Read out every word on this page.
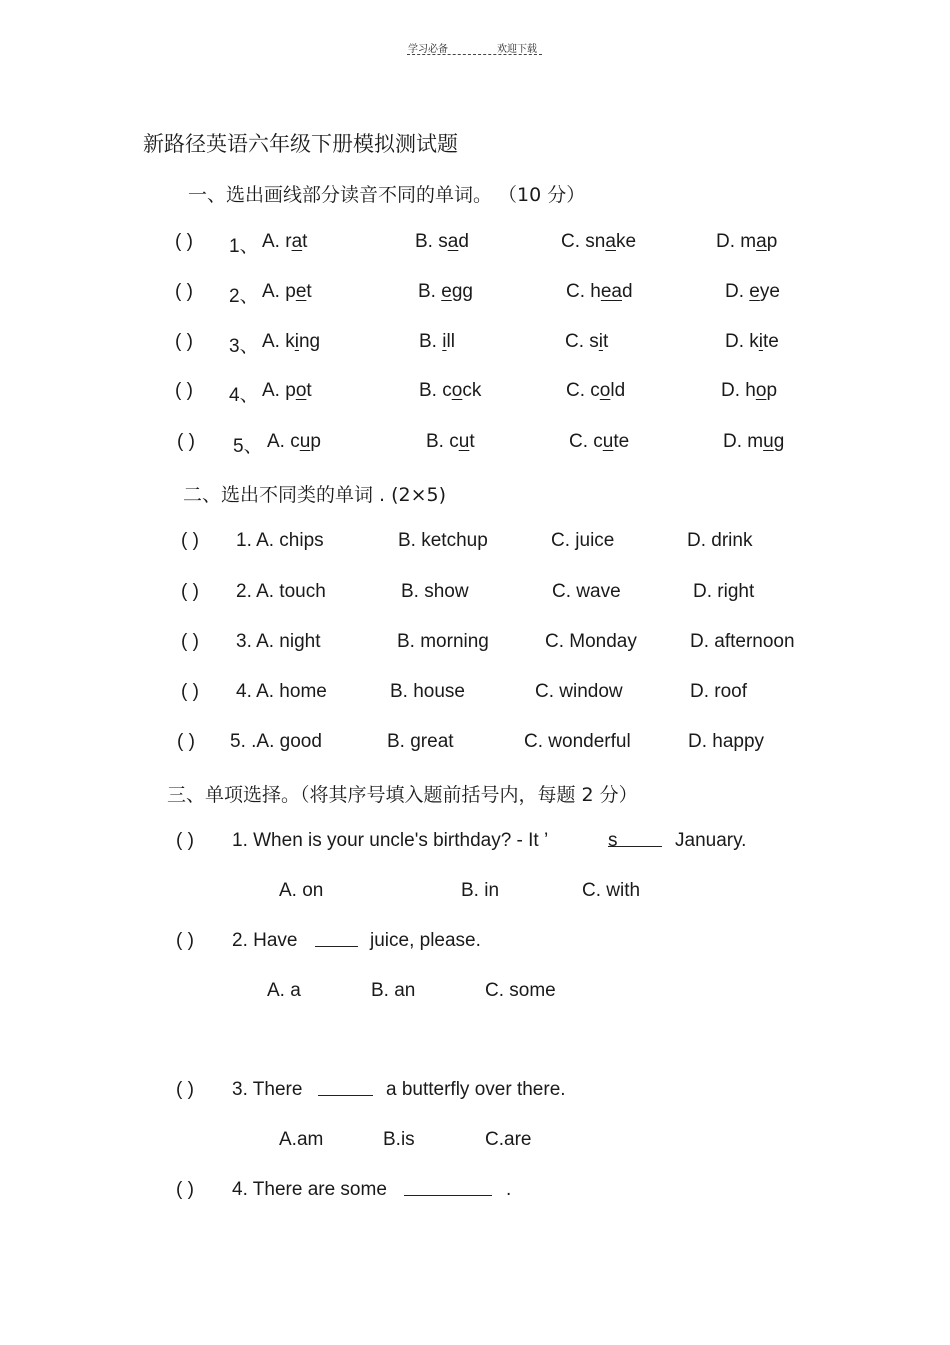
学习必备	欢迎下载
新路径英语六年级下册模拟测试题
一、选出画线部分读音不同的单词。 （10 分）
( ) 1、 A. rat	B. sad	C. snake	D. map
( ) 2、 A. pet	B. egg	C. head	D. eye
( ) 3、 A. king	B. ill	C. sit	D. kite
( ) 4、 A. pot	B. cock	C. cold	D. hop
( ) 5、 A. cup	B. cut	C. cute	D. mug
二、选出不同类的单词 . (2×5)
( ) 1. A. chips	B. ketchup	C. juice	D. drink
( ) 2. A. touch	B. show	C. wave	D. right
( ) 3. A. night	B. morning	C. Monday	D. afternoon
( ) 4. A. home	B. house	C. window	D. roof
( ) 5. .A. good	B. great	C. wonderful	D. happy
三、单项选择。（将其序号填入题前括号内，每题 2 分）
( ) 1. When is your uncle's birthday? - It ’	s	January.
A. on	B. in	C. with
( ) 2. Have	juice, please.
A. a	B. an	C. some
( ) 3. There	a butterfly over there.
A.am	B.is	C.are
( ) 4. There are some	.
